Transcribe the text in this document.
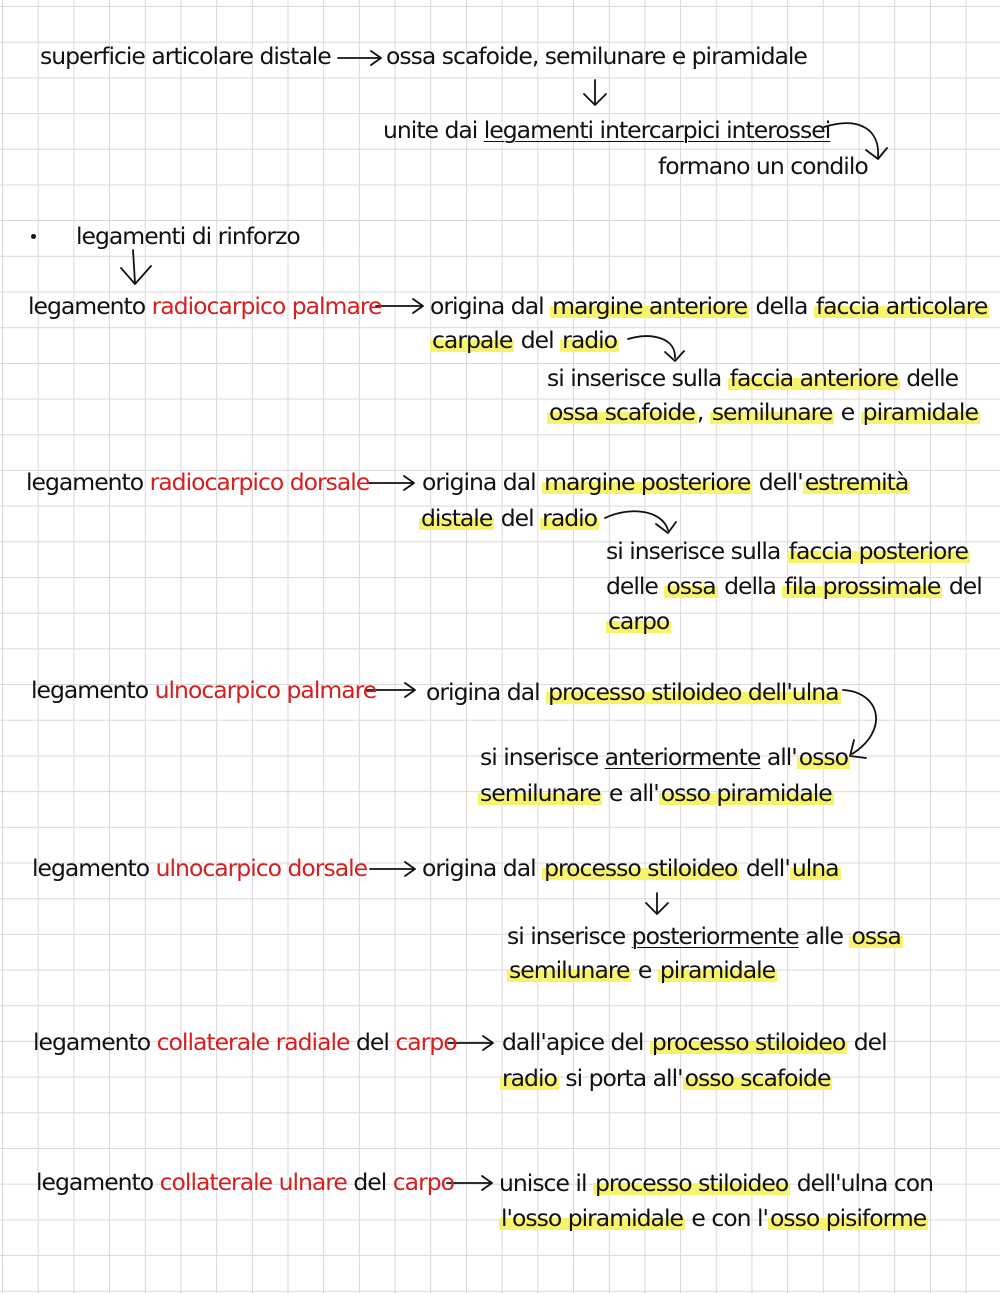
superficie articolare distale ossa scafoide, semilunare e piramidale
unite dai legamenti intercarpici interossei
formano un condilo
legamenti di rinforzo
legamento radiocarpico palmare origina dal margine anteriore della faccia articolare
carpale del radio
si inserisce sulla faccia anteriore delle
ossa scafoide, semilunare e piramidale
legamento radiocarpico dorsale origina dal margine posteriore dell'estremità
distale del radio
si inserisce sulla faccia posteriore
delle ossa della fila prossimale del
carpo
legamento ulnocarpico palmare origina dal processo stiloideo dell'ulna
si inserisce anteriormente all'osso
semilunare e all'osso piramidale
legamento ulnocarpico dorsale origina dal processo stiloideo dell'ulna
si inserisce posteriormente alle ossa
semilunare e piramidale
legamento collaterale radiale del carpo dall'apice del processo stiloideo del
radio si porta all'osso scafoide
legamento collaterale ulnare del carpo unisce il processo stiloideo dell'ulna con
l'osso piramidale e con l'osso pisiforme
